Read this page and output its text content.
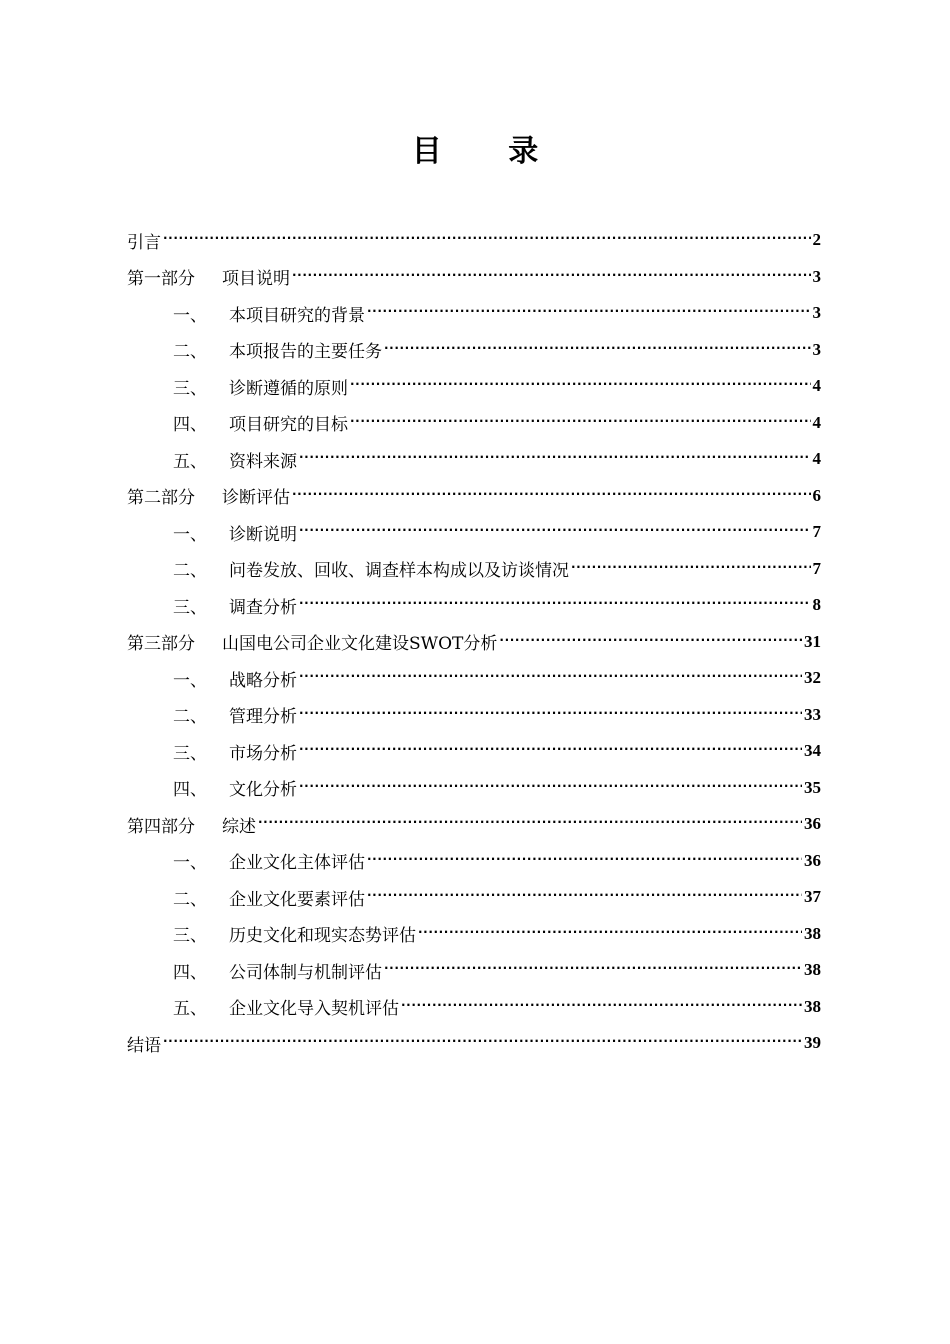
目 录
引言 ·····	2
第一部分	项目说明 ·····	3
一、	本项目研究的背景 ·····	3
二、	本项报告的主要任务 ·····	3
三、	诊断遵循的原则 ·····	4
四、	项目研究的目标 ·····	4
五、	资料来源 ·····	4
第二部分	诊断评估 ·····	6
一、	诊断说明 ·····	7
二、	问卷发放、回收、调查样本构成以及访谈情况 ·····	7
三、	调查分析 ·····	8
第三部分	山国电公司企业文化建设SWOT分析 ·····	31
一、	战略分析 ·····	32
二、	管理分析 ·····	33
三、	市场分析 ·····	34
四、	文化分析 ·····	35
第四部分	综述 ·····	36
一、	企业文化主体评估 ·····	36
二、	企业文化要素评估 ·····	37
三、	历史文化和现实态势评估 ·····	38
四、	公司体制与机制评估 ·····	38
五、	企业文化导入契机评估 ·····	38
结语 ·····	39
